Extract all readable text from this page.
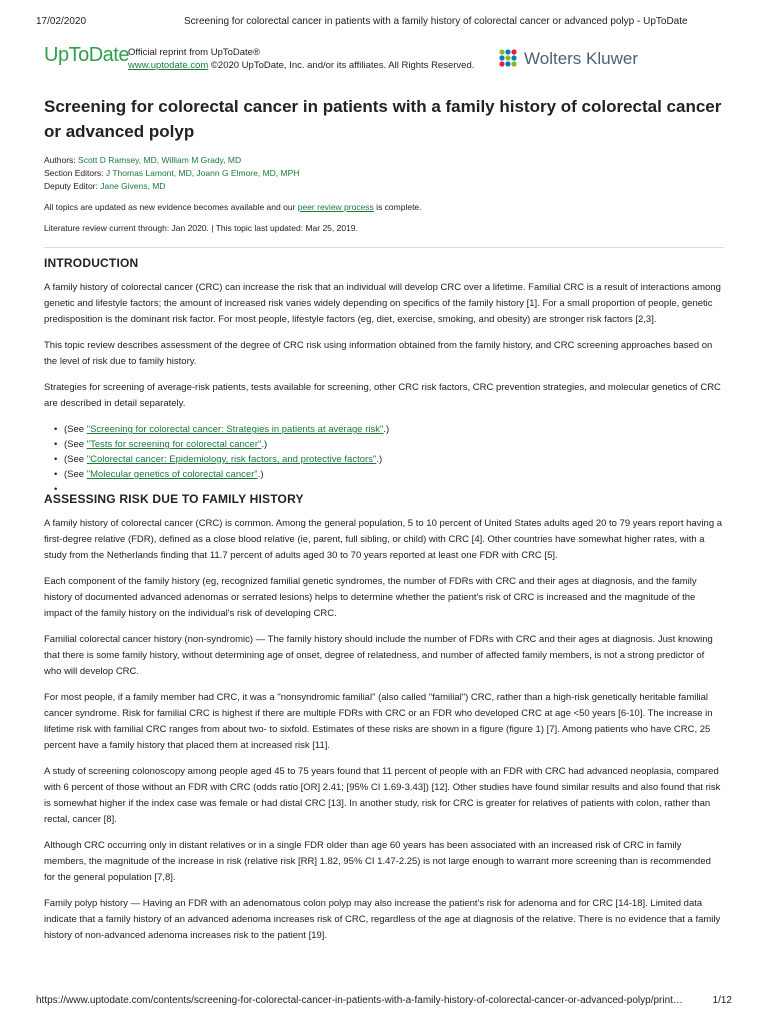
17/02/2020	Screening for colorectal cancer in patients with a family history of colorectal cancer or advanced polyp - UpToDate
UpToDate Official reprint from UpToDate®
www.uptodate.com ©2020 UpToDate, Inc. and/or its affiliates. All Rights Reserved.	Wolters Kluwer
Screening for colorectal cancer in patients with a family history of colorectal cancer or advanced polyp

Authors: Scott D Ramsey, MD, William M Grady, MD

Section Editors: J Thomas Lamont, MD, Joann G Elmore, MD, MPH

Deputy Editor: Jane Givens, MD

All topics are updated as new evidence becomes available and our peer review process is complete.

Literature review current through: Jan 2020. | This topic last updated: Mar 25, 2019.

INTRODUCTION

A family history of colorectal cancer (CRC) can increase the risk that an individual will develop CRC over a lifetime. Familial CRC is a result of interactions among genetic and lifestyle factors; the amount of increased risk varies widely depending on specifics of the family history [1]. For a small proportion of people, genetic predisposition is the dominant risk factor. For most people, lifestyle factors (eg, diet, exercise, smoking, and obesity) are stronger risk factors [2,3].

This topic review describes assessment of the degree of CRC risk using information obtained from the family history, and CRC screening approaches based on the level of risk due to family history.

Strategies for screening of average-risk patients, tests available for screening, other CRC risk factors, CRC prevention strategies, and molecular genetics of CRC are described in detail separately.

• (See "Screening for colorectal cancer: Strategies in patients at average risk".)
• (See "Tests for screening for colorectal cancer".)
• (See "Colorectal cancer: Epidemiology, risk factors, and protective factors".)
• (See "Molecular genetics of colorectal cancer".)
ASSESSING RISK DUE TO FAMILY HISTORY

A family history of colorectal cancer (CRC) is common. Among the general population, 5 to 10 percent of United States adults aged 20 to 79 years report having a first-degree relative (FDR), defined as a close blood relative (ie, parent, full sibling, or child) with CRC [4]. Other countries have somewhat higher rates, with a study from the Netherlands finding that 11.7 percent of adults aged 30 to 70 years reported at least one FDR with CRC [5].

Each component of the family history (eg, recognized familial genetic syndromes, the number of FDRs with CRC and their ages at diagnosis, and the family history of documented advanced adenomas or serrated lesions) helps to determine whether the patient's risk of CRC is increased and the magnitude of the impact of the family history on the individual's risk of developing CRC.

Familial colorectal cancer history (non-syndromic) — The family history should include the number of FDRs with CRC and their ages at diagnosis. Just knowing that there is some family history, without determining age of onset, degree of relatedness, and number of affected family members, is not a strong predictor of who will develop CRC.

For most people, if a family member had CRC, it was a "nonsyndromic familial" (also called "familial") CRC, rather than a high-risk genetically heritable familial cancer syndrome. Risk for familial CRC is highest if there are multiple FDRs with CRC or an FDR who developed CRC at age <50 years [6-10]. The increase in lifetime risk with familial CRC ranges from about two- to sixfold. Estimates of these risks are shown in a figure (figure 1) [7]. Among patients who have CRC, 25 percent have a family history that placed them at increased risk [11].

A study of screening colonoscopy among people aged 45 to 75 years found that 11 percent of people with an FDR with CRC had advanced neoplasia, compared with 6 percent of those without an FDR with CRC (odds ratio [OR] 2.41; [95% CI 1.69-3.43]) [12]. Other studies have found similar results and also found that risk is somewhat higher if the index case was female or had distal CRC [13]. In another study, risk for CRC is greater for relatives of patients with colon, rather than rectal, cancer [8].

Although CRC occurring only in distant relatives or in a single FDR older than age 60 years has been associated with an increased risk of CRC in family members, the magnitude of the increase in risk (relative risk [RR] 1.82, 95% CI 1.47-2.25) is not large enough to warrant more screening than is recommended for the general population [7,8].

Family polyp history — Having an FDR with an adenomatous colon polyp may also increase the patient's risk for adenoma and for CRC [14-18]. Limited data indicate that a family history of an advanced adenoma increases risk of CRC, regardless of the age at diagnosis of the relative. There is no evidence that a family history of non-advanced adenoma increases risk to the patient [19].

https://www.uptodate.com/contents/screening-for-colorectal-cancer-in-patients-with-a-family-history-of-colorectal-cancer-or-advanced-polyp/print…	1/12
